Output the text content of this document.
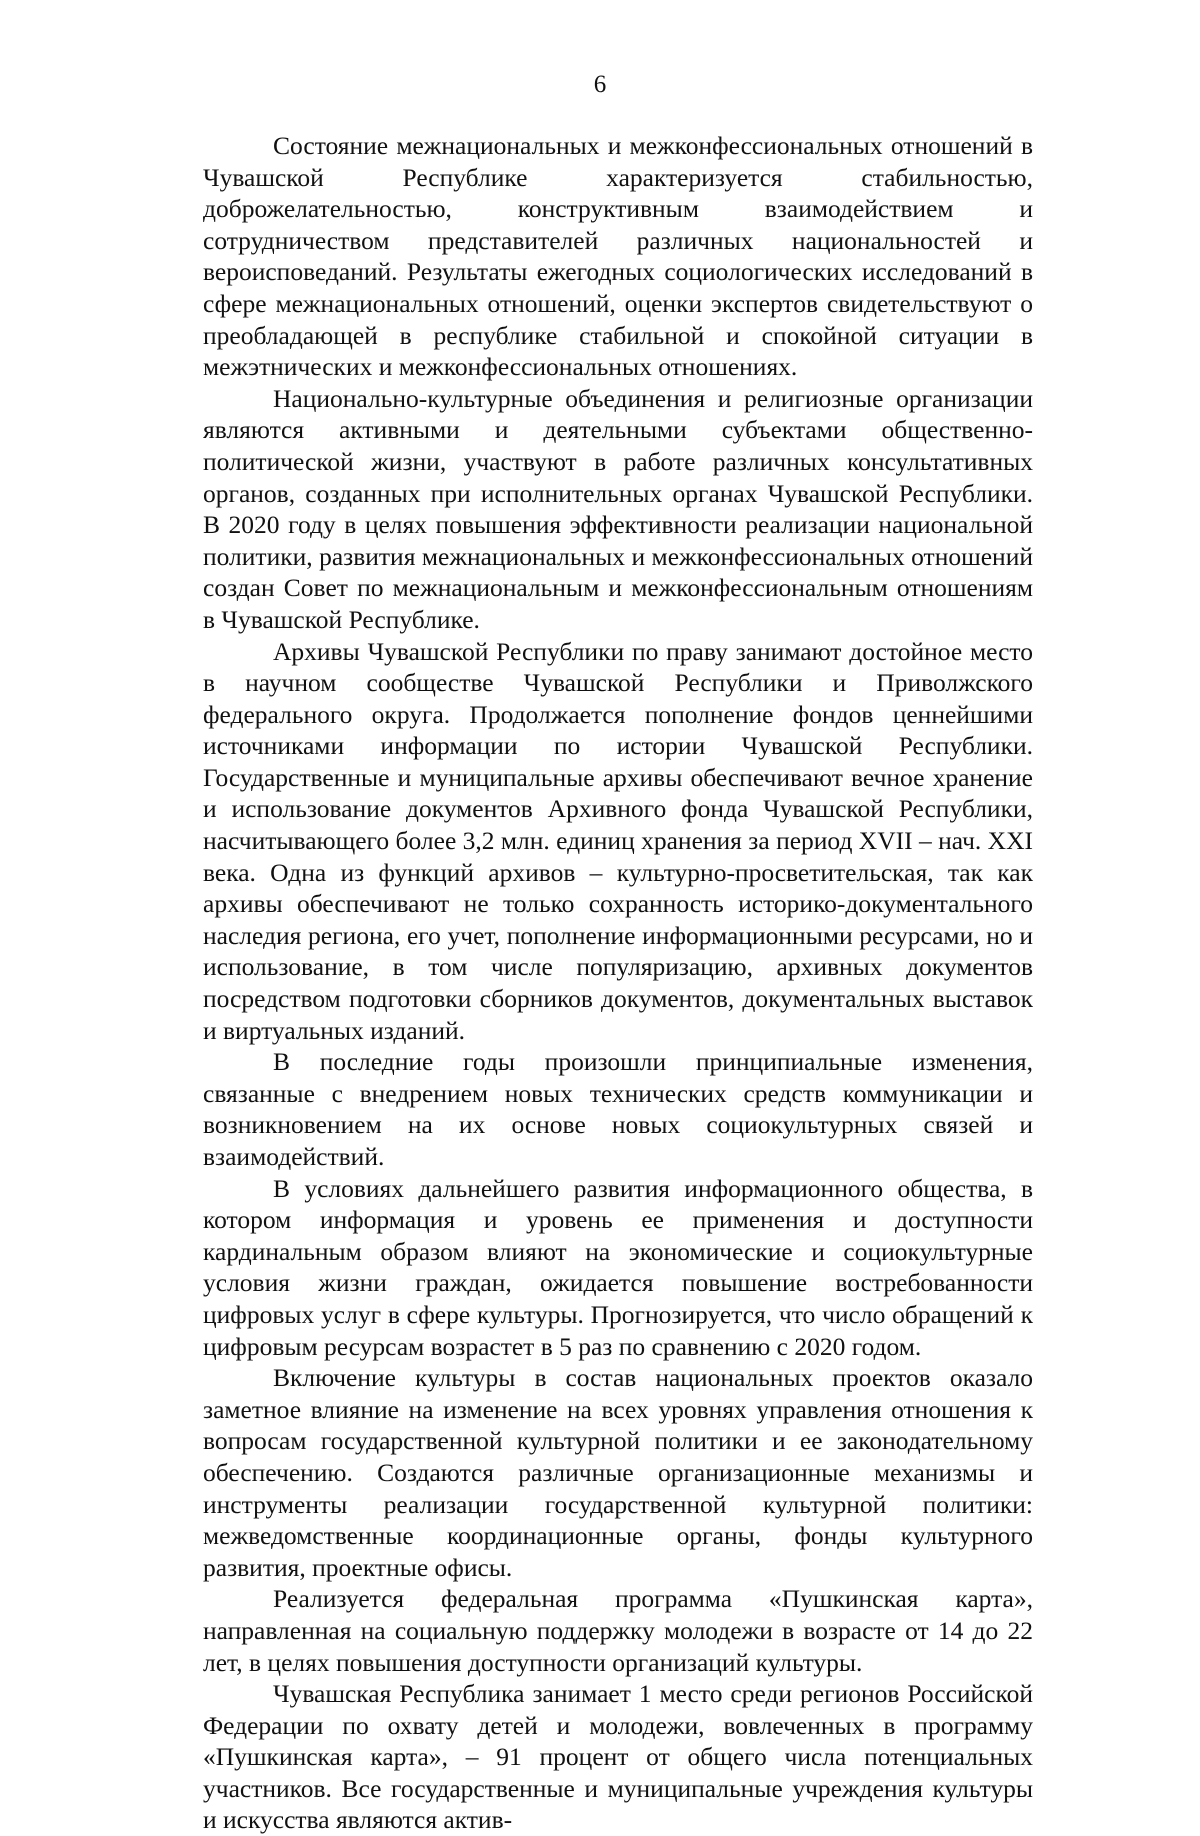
6

Состояние межнациональных и межконфессиональных отношений в Чувашской Республике характеризуется стабильностью, доброжелательностью, конструктивным взаимодействием и сотрудничеством представителей различных национальностей и вероисповеданий. Результаты ежегодных социологических исследований в сфере межнациональных отношений, оценки экспертов свидетельствуют о преобладающей в республике стабильной и спокойной ситуации в межэтнических и межконфессиональных отношениях.

Национально-культурные объединения и религиозные организации являются активными и деятельными субъектами общественно-политической жизни, участвуют в работе различных консультативных органов, созданных при исполнительных органах Чувашской Республики. В 2020 году в целях повышения эффективности реализации национальной политики, развития межнациональных и межконфессиональных отношений создан Совет по межнациональным и межконфессиональным отношениям в Чувашской Республике.

Архивы Чувашской Республики по праву занимают достойное место в научном сообществе Чувашской Республики и Приволжского федерального округа. Продолжается пополнение фондов ценнейшими источниками информации по истории Чувашской Республики. Государственные и муниципальные архивы обеспечивают вечное хранение и использование документов Архивного фонда Чувашской Республики, насчитывающего более 3,2 млн. единиц хранения за период XVII – нач. XXI века. Одна из функций архивов – культурно-просветительская, так как архивы обеспечивают не только сохранность историко-документального наследия региона, его учет, пополнение информационными ресурсами, но и использование, в том числе популяризацию, архивных документов посредством подготовки сборников документов, документальных выставок и виртуальных изданий.

В последние годы произошли принципиальные изменения, связанные с внедрением новых технических средств коммуникации и возникновением на их основе новых социокультурных связей и взаимодействий.

В условиях дальнейшего развития информационного общества, в котором информация и уровень ее применения и доступности кардинальным образом влияют на экономические и социокультурные условия жизни граждан, ожидается повышение востребованности цифровых услуг в сфере культуры. Прогнозируется, что число обращений к цифровым ресурсам возрастет в 5 раз по сравнению с 2020 годом.

Включение культуры в состав национальных проектов оказало заметное влияние на изменение на всех уровнях управления отношения к вопросам государственной культурной политики и ее законодательному обеспечению. Создаются различные организационные механизмы и инструменты реализации государственной культурной политики: межведомственные координационные органы, фонды культурного развития, проектные офисы.

Реализуется федеральная программа «Пушкинская карта», направленная на социальную поддержку молодежи в возрасте от 14 до 22 лет, в целях повышения доступности организаций культуры.

Чувашская Республика занимает 1 место среди регионов Российской Федерации по охвату детей и молодежи, вовлеченных в программу «Пушкинская карта», – 91 процент от общего числа потенциальных участников. Все государственные и муниципальные учреждения культуры и искусства являются актив-
